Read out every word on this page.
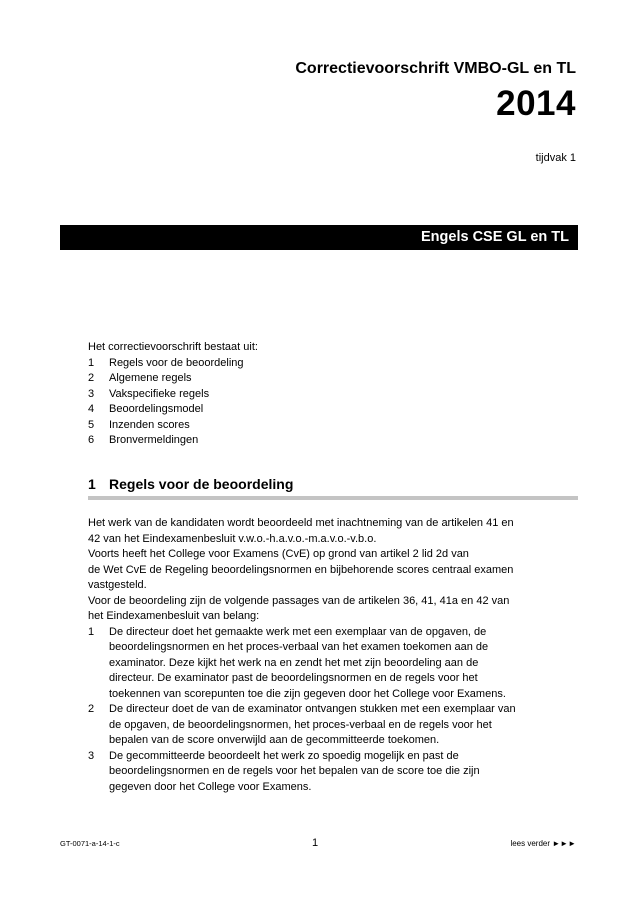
Correctievoorschrift VMBO-GL en TL
2014
tijdvak 1
Engels CSE GL en TL
Het correctievoorschrift bestaat uit:
1	Regels voor de beoordeling
2	Algemene regels
3	Vakspecifieke regels
4	Beoordelingsmodel
5	Inzenden scores
6	Bronvermeldingen
1 Regels voor de beoordeling

Het werk van de kandidaten wordt beoordeeld met inachtneming van de artikelen 41 en
42 van het Eindexamenbesluit v.w.o.-h.a.v.o.-m.a.v.o.-v.b.o.

Voorts heeft het College voor Examens (CvE) op grond van artikel 2 lid 2d van
de Wet CvE de Regeling beoordelingsnormen en bijbehorende scores centraal examen
vastgesteld.

Voor de beoordeling zijn de volgende passages van de artikelen 36, 41, 41a en 42 van
het Eindexamenbesluit van belang:

1	De directeur doet het gemaakte werk met een exemplaar van de opgaven, de
beoordelingsnormen en het proces-verbaal van het examen toekomen aan de
examinator. Deze kijkt het werk na en zendt het met zijn beoordeling aan de
directeur. De examinator past de beoordelingsnormen en de regels voor het
toekennen van scorepunten toe die zijn gegeven door het College voor Examens.
2	De directeur doet de van de examinator ontvangen stukken met een exemplaar van
de opgaven, de beoordelingsnormen, het proces-verbaal en de regels voor het
bepalen van de score onverwijld aan de gecommitteerde toekomen.
3	De gecommitteerde beoordeelt het werk zo spoedig mogelijk en past de
beoordelingsnormen en de regels voor het bepalen van de score toe die zijn
gegeven door het College voor Examens.
GT-0071-a-14-1-c	1	lees verder ►►►
